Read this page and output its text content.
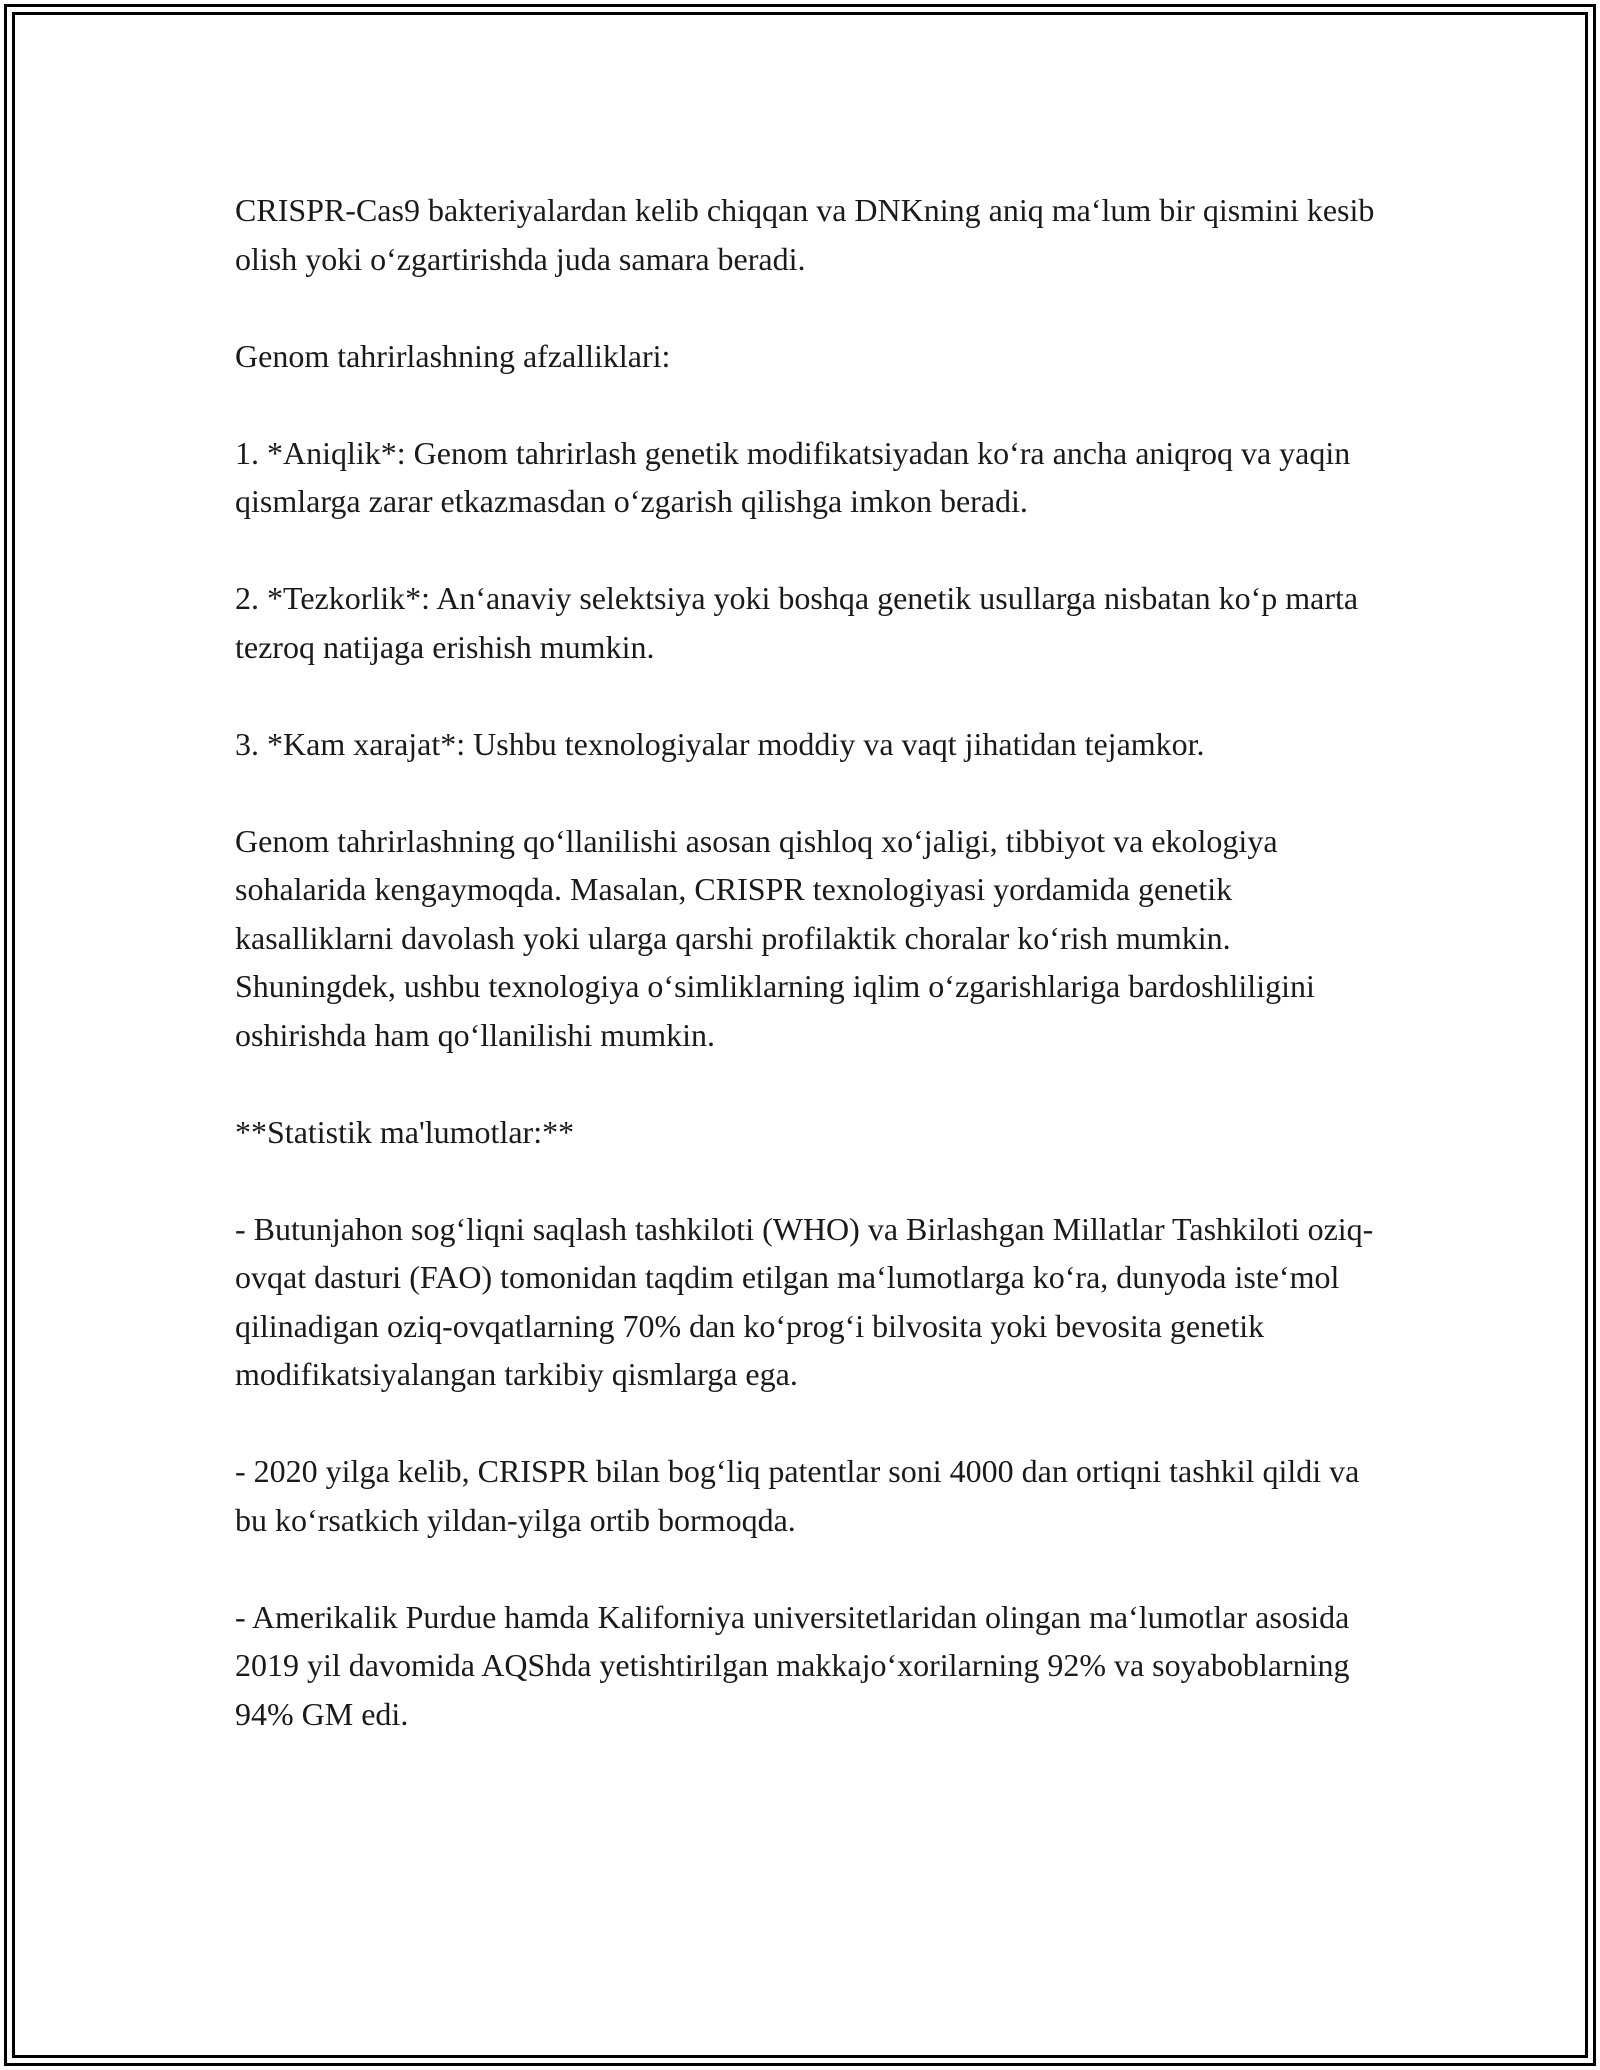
CRISPR-Cas9 bakteriyalardan kelib chiqqan va DNKning aniq maʻlum bir qismini kesib olish yoki oʻzgartirishda juda samara beradi.

Genom tahrirlashning afzalliklari:

1. *Aniqlik*: Genom tahrirlash genetik modifikatsiyadan koʻra ancha aniqroq va yaqin qismlarga zarar etkazmasdan oʻzgarish qilishga imkon beradi.

2. *Tezkorlik*: Anʻanaviy selektsiya yoki boshqa genetik usullarga nisbatan koʻp marta tezroq natijaga erishish mumkin.

3. *Kam xarajat*: Ushbu texnologiyalar moddiy va vaqt jihatidan tejamkor.

Genom tahrirlashning qoʻllanilishi asosan qishloq xoʻjaligi, tibbiyot va ekologiya sohalarida kengaymoqda. Masalan, CRISPR texnologiyasi yordamida genetik kasalliklarni davolash yoki ularga qarshi profilaktik choralar koʻrish mumkin. Shuningdek, ushbu texnologiya oʻsimliklarning iqlim oʻzgarishlariga bardoshliligini oshirishda ham qoʻllanilishi mumkin.

**Statistik ma'lumotlar:**

- Butunjahon sogʻliqni saqlash tashkiloti (WHO) va Birlashgan Millatlar Tashkiloti oziq-ovqat dasturi (FAO) tomonidan taqdim etilgan maʻlumotlarga koʻra, dunyoda isteʻmol qilinadigan oziq-ovqatlarning 70% dan koʻprogʻi bilvosita yoki bevosita genetik modifikatsiyalangan tarkibiy qismlarga ega.

- 2020 yilga kelib, CRISPR bilan bogʻliq patentlar soni 4000 dan ortiqni tashkil qildi va bu koʻrsatkich yildan-yilga ortib bormoqda.

- Amerikalik Purdue hamda Kaliforniya universitetlaridan olingan maʻlumotlar asosida 2019 yil davomida AQShda yetishtirilgan makkajoʻxorilarning 92% va soyaboblarning 94% GM edi.
